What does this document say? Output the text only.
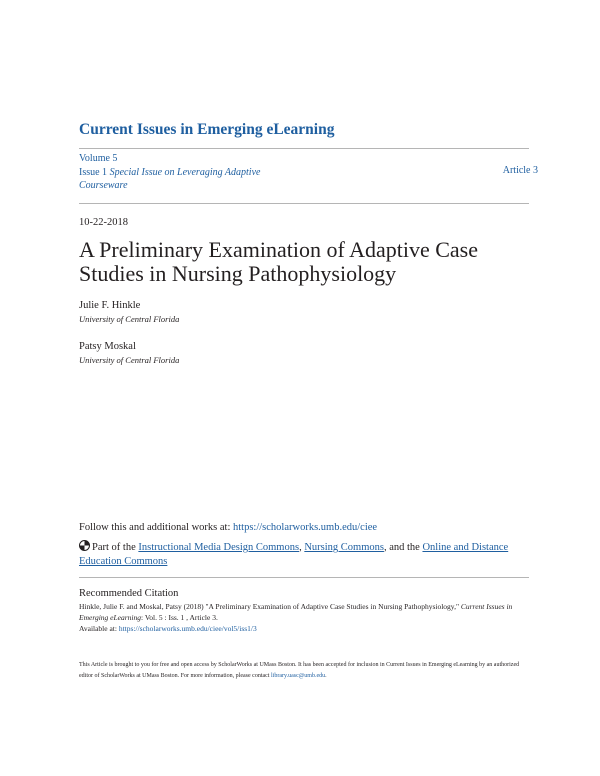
Current Issues in Emerging eLearning
Volume 5
Issue 1 Special Issue on Leveraging Adaptive Courseware
Article 3
10-22-2018
A Preliminary Examination of Adaptive Case Studies in Nursing Pathophysiology
Julie F. Hinkle
University of Central Florida
Patsy Moskal
University of Central Florida
Follow this and additional works at: https://scholarworks.umb.edu/ciee
Part of the Instructional Media Design Commons, Nursing Commons, and the Online and Distance Education Commons
Recommended Citation
Hinkle, Julie F. and Moskal, Patsy (2018) "A Preliminary Examination of Adaptive Case Studies in Nursing Pathophysiology," Current Issues in Emerging eLearning: Vol. 5 : Iss. 1 , Article 3.
Available at: https://scholarworks.umb.edu/ciee/vol5/iss1/3
This Article is brought to you for free and open access by ScholarWorks at UMass Boston. It has been accepted for inclusion in Current Issues in Emerging eLearning by an authorized editor of ScholarWorks at UMass Boston. For more information, please contact library.uasc@umb.edu.
